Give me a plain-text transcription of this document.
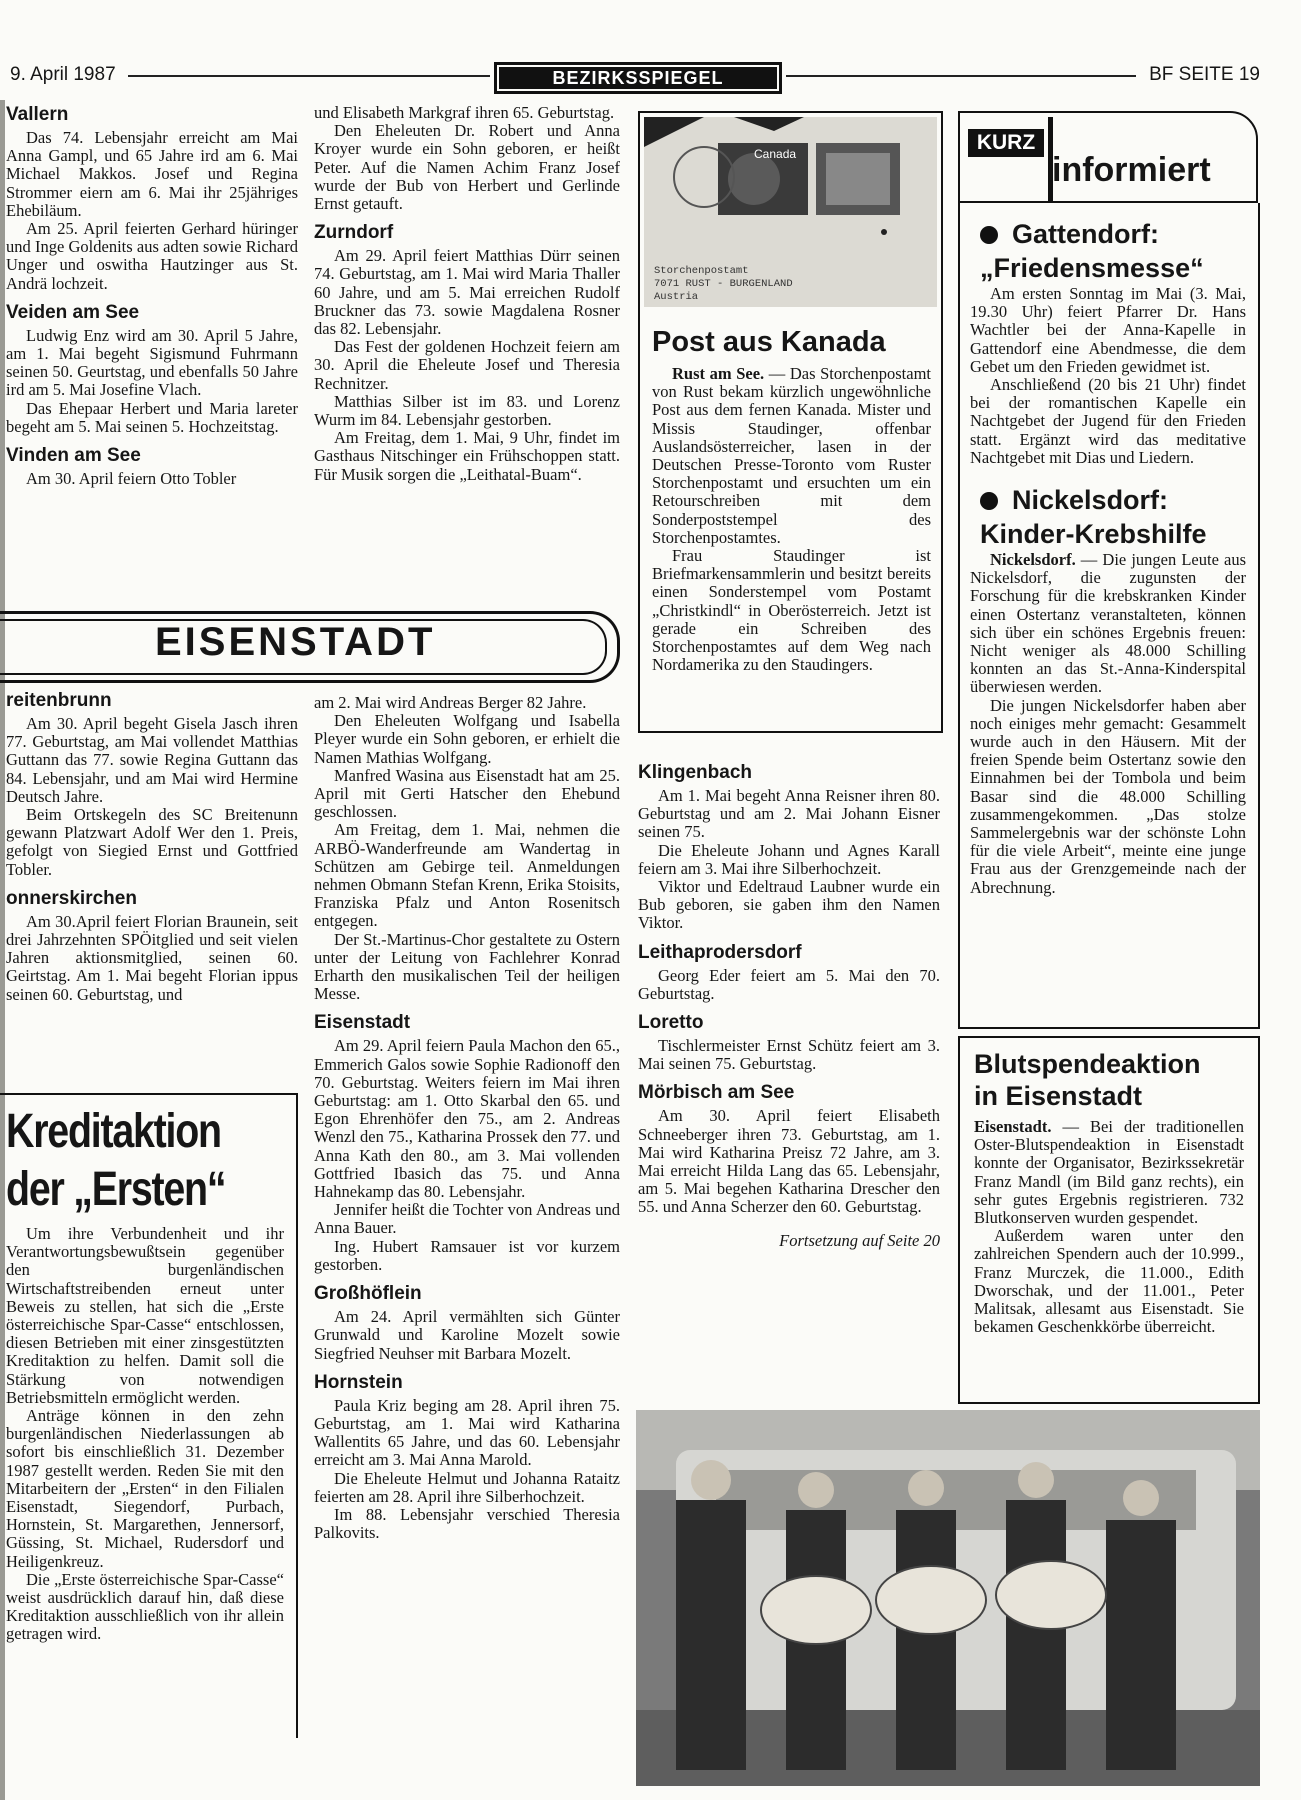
9. April 1987	BEZIRKSSPIEGEL	BF SEITE 19
Vallern

Das 74. Lebensjahr erreicht am Mai Anna Gampl, und 65 Jahre ird am 6. Mai Michael Makkos. Josef und Regina Strommer eiern am 6. Mai ihr 25jähriges Ehebiläum.

Am 25. April feierten Gerhard hüringer und Inge Goldenits aus adten sowie Richard Unger und oswitha Hautzinger aus St. Andrä lochzeit.

Veiden am See

Ludwig Enz wird am 30. April 5 Jahre, am 1. Mai begeht Sigismund Fuhrmann seinen 50. Geurtstag, und ebenfalls 50 Jahre ird am 5. Mai Josefine Vlach.

Das Ehepaar Herbert und Maria lareter begeht am 5. Mai seinen 5. Hochzeitstag.

Vinden am See

Am 30. April feiern Otto Tobler

und Elisabeth Markgraf ihren 65. Geburtstag.

Den Eheleuten Dr. Robert und Anna Kroyer wurde ein Sohn geboren, er heißt Peter. Auf die Namen Achim Franz Josef wurde der Bub von Herbert und Gerlinde Ernst getauft.

Zurndorf

Am 29. April feiert Matthias Dürr seinen 74. Geburtstag, am 1. Mai wird Maria Thaller 60 Jahre, und am 5. Mai erreichen Rudolf Bruckner das 73. sowie Magdalena Rosner das 82. Lebensjahr.

Das Fest der goldenen Hochzeit feiern am 30. April die Eheleute Josef und Theresia Rechnitzer.

Matthias Silber ist im 83. und Lorenz Wurm im 84. Lebensjahr gestorben.

Am Freitag, dem 1. Mai, 9 Uhr, findet im Gasthaus Nitschinger ein Frühschoppen statt. Für Musik sorgen die „Leithatal-Buam“.

EISENSTADT
reitenbrunn

Am 30. April begeht Gisela Jasch ihren 77. Geburtstag, am Mai vollendet Matthias Guttann das 77. sowie Regina Guttann das 84. Lebensjahr, und am Mai wird Hermine Deutsch Jahre.

Beim Ortskegeln des SC Breitenunn gewann Platzwart Adolf Wer den 1. Preis, gefolgt von Siegied Ernst und Gottfried Tobler.

onnerskirchen

Am 30.April feiert Florian Braunein, seit drei Jahrzehnten SPÖitglied und seit vielen Jahren aktionsmitglied, seinen 60. Geirtstag. Am 1. Mai begeht Florian ippus seinen 60. Geburtstag, und

Kreditaktion
der „Ersten“

Um ihre Verbundenheit und ihr Verantwortungsbewußtsein gegenüber den burgenländischen Wirtschaftstreibenden erneut unter Beweis zu stellen, hat sich die „Erste österreichische Spar-Casse“ entschlossen, diesen Betrieben mit einer zinsgestützten Kreditaktion zu helfen. Damit soll die Stärkung von notwendigen Betriebsmitteln ermöglicht werden.

Anträge können in den zehn burgenländischen Niederlassungen ab sofort bis einschließlich 31. Dezember 1987 gestellt werden. Reden Sie mit den Mitarbeitern der „Ersten“ in den Filialen Eisenstadt, Siegendorf, Purbach, Hornstein, St. Margarethen, Jennersorf, Güssing, St. Michael, Rudersdorf und Heiligenkreuz.

Die „Erste österreichische Spar-Casse“ weist ausdrücklich darauf hin, daß diese Kreditaktion ausschließlich von ihr allein getragen wird.

am 2. Mai wird Andreas Berger 82 Jahre.

Den Eheleuten Wolfgang und Isabella Pleyer wurde ein Sohn geboren, er erhielt die Namen Mathias Wolfgang.

Manfred Wasina aus Eisenstadt hat am 25. April mit Gerti Hatscher den Ehebund geschlossen.

Am Freitag, dem 1. Mai, nehmen die ARBÖ-Wanderfreunde am Wandertag in Schützen am Gebirge teil. Anmeldungen nehmen Obmann Stefan Krenn, Erika Stoisits, Franziska Pfalz und Anton Rosenitsch entgegen.

Der St.-Martinus-Chor gestaltete zu Ostern unter der Leitung von Fachlehrer Konrad Erharth den musikalischen Teil der heiligen Messe.

Eisenstadt

Am 29. April feiern Paula Machon den 65., Emmerich Galos sowie Sophie Radionoff den 70. Geburtstag. Weiters feiern im Mai ihren Geburtstag: am 1. Otto Skarbal den 65. und Egon Ehrenhöfer den 75., am 2. Andreas Wenzl den 75., Katharina Prossek den 77. und Anna Kath den 80., am 3. Mai vollenden Gottfried Ibasich das 75. und Anna Hahnekamp das 80. Lebensjahr.

Jennifer heißt die Tochter von Andreas und Anna Bauer.

Ing. Hubert Ramsauer ist vor kurzem gestorben.

Großhöflein

Am 24. April vermählten sich Günter Grunwald und Karoline Mozelt sowie Siegfried Neuhser mit Barbara Mozelt.

Hornstein

Paula Kriz beging am 28. April ihren 75. Geburtstag, am 1. Mai wird Katharina Wallentits 65 Jahre, und das 60. Lebensjahr erreicht am 3. Mai Anna Marold.

Die Eheleute Helmut und Johanna Rataitz feierten am 28. April ihre Silberhochzeit.

Im 88. Lebensjahr verschied Theresia Palkovits.

Canada
Storchenpostamt
7071 RUST - BURGENLAND
Austria
Post aus Kanada

Rust am See. — Das Storchenpostamt von Rust bekam kürzlich ungewöhnliche Post aus dem fernen Kanada. Mister und Missis Staudinger, offenbar Auslandsösterreicher, lasen in der Deutschen Presse-Toronto vom Ruster Storchenpostamt und ersuchten um ein Retourschreiben mit dem Sonderpoststempel des Storchenpostamtes.

Frau Staudinger ist Briefmarkensammlerin und besitzt bereits einen Sonderstempel vom Postamt „Christkindl“ in Oberösterreich. Jetzt ist gerade ein Schreiben des Storchenpostamtes auf dem Weg nach Nordamerika zu den Staudingers.

Klingenbach

Am 1. Mai begeht Anna Reisner ihren 80. Geburtstag und am 2. Mai Johann Eisner seinen 75.

Die Eheleute Johann und Agnes Karall feiern am 3. Mai ihre Silberhochzeit.

Viktor und Edeltraud Laubner wurde ein Bub geboren, sie gaben ihm den Namen Viktor.

Leithaprodersdorf

Georg Eder feiert am 5. Mai den 70. Geburtstag.

Loretto

Tischlermeister Ernst Schütz feiert am 3. Mai seinen 75. Geburtstag.

Mörbisch am See

Am 30. April feiert Elisabeth Schneeberger ihren 73. Geburtstag, am 1. Mai wird Katharina Preisz 72 Jahre, am 3. Mai erreicht Hilda Lang das 65. Lebensjahr, am 5. Mai begehen Katharina Drescher den 55. und Anna Scherzer den 60. Geburtstag.

Fortsetzung auf Seite 20
KURZ
informiert
Gattendorf:
„Friedensmesse“

Am ersten Sonntag im Mai (3. Mai, 19.30 Uhr) feiert Pfarrer Dr. Hans Wachtler bei der Anna-Kapelle in Gattendorf eine Abendmesse, die dem Gebet um den Frieden gewidmet ist.

Anschließend (20 bis 21 Uhr) findet bei der romantischen Kapelle ein Nachtgebet der Jugend für den Frieden statt. Ergänzt wird das meditative Nachtgebet mit Dias und Liedern.

Nickelsdorf:
Kinder-Krebshilfe

Nickelsdorf. — Die jungen Leute aus Nickelsdorf, die zugunsten der Forschung für die krebskranken Kinder einen Ostertanz veranstalteten, können sich über ein schönes Ergebnis freuen: Nicht weniger als 48.000 Schilling konnten an das St.-Anna-Kinderspital überwiesen werden.

Die jungen Nickelsdorfer haben aber noch einiges mehr gemacht: Gesammelt wurde auch in den Häusern. Mit der freien Spende beim Ostertanz sowie den Einnahmen bei der Tombola und beim Basar sind die 48.000 Schilling zusammengekommen. „Das stolze Sammelergebnis war der schönste Lohn für die viele Arbeit“, meinte eine junge Frau aus der Grenzgemeinde nach der Abrechnung.

Blutspendeaktion
in Eisenstadt

Eisenstadt. — Bei der traditionellen Oster-Blutspendeaktion in Eisenstadt konnte der Organisator, Bezirkssekretär Franz Mandl (im Bild ganz rechts), ein sehr gutes Ergebnis registrieren. 732 Blutkonserven wurden gespendet.

Außerdem waren unter den zahlreichen Spendern auch der 10.999., Franz Murczek, die 11.000., Edith Dworschak, und der 11.001., Peter Malitsak, allesamt aus Eisenstadt. Sie bekamen Geschenkkörbe überreicht.
